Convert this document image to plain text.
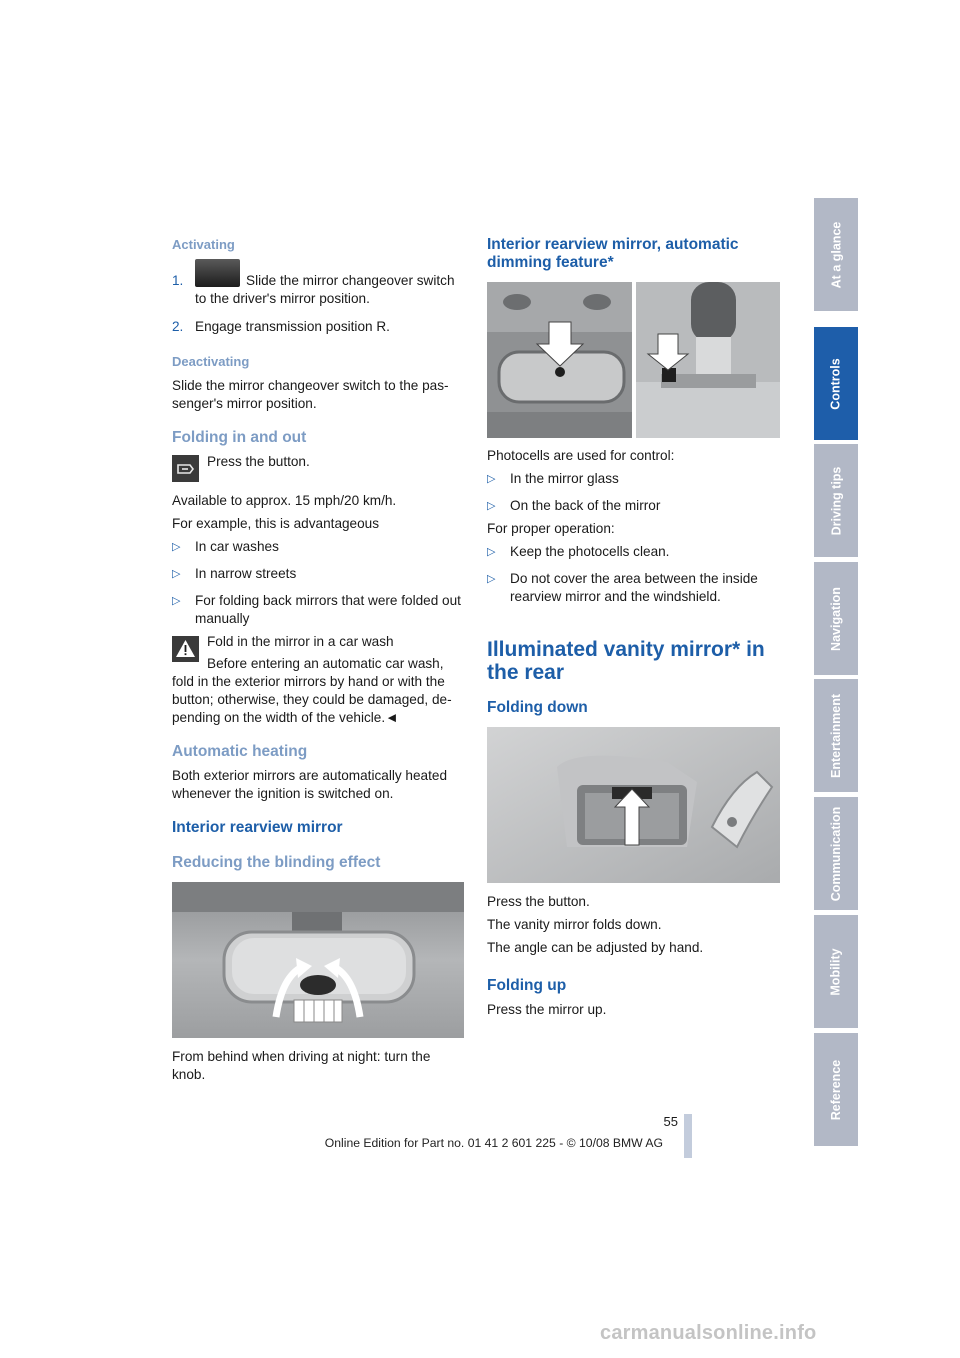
Activating
1.	Slide the mirror changeover switch
to the driver's mirror position.
2. Engage transmission position R.
Deactivating
Slide the mirror changeover switch to the pas-
senger's mirror position.
Folding in and out
Press the button.
Available to approx. 15 mph/20 km/h.
For example, this is advantageous
▷ In car washes
▷ In narrow streets
▷ For folding back mirrors that were folded out
manually
Fold in the mirror in a car wash
Before entering an automatic car wash,
fold in the exterior mirrors by hand or with the
button; otherwise, they could be damaged, de-
pending on the width of the vehicle.◄
Automatic heating
Both exterior mirrors are automatically heated
whenever the ignition is switched on.
Interior rearview mirror
Reducing the blinding effect
From behind when driving at night: turn the
knob.
Interior rearview mirror, automatic
dimming feature*
Photocells are used for control:
▷ In the mirror glass
▷ On the back of the mirror
For proper operation:
▷ Keep the photocells clean.
▷ Do not cover the area between the inside
rearview mirror and the windshield.
Illuminated vanity mirror* in
the rear
Folding down
Press the button.
The vanity mirror folds down.
The angle can be adjusted by hand.
Folding up
Press the mirror up.
At a glance
Controls
Driving tips
Navigation
Entertainment
Communication
Mobility
Reference
55
Online Edition for Part no. 01 41 2 601 225 - © 10/08 BMW AG
carmanualsonline.info
